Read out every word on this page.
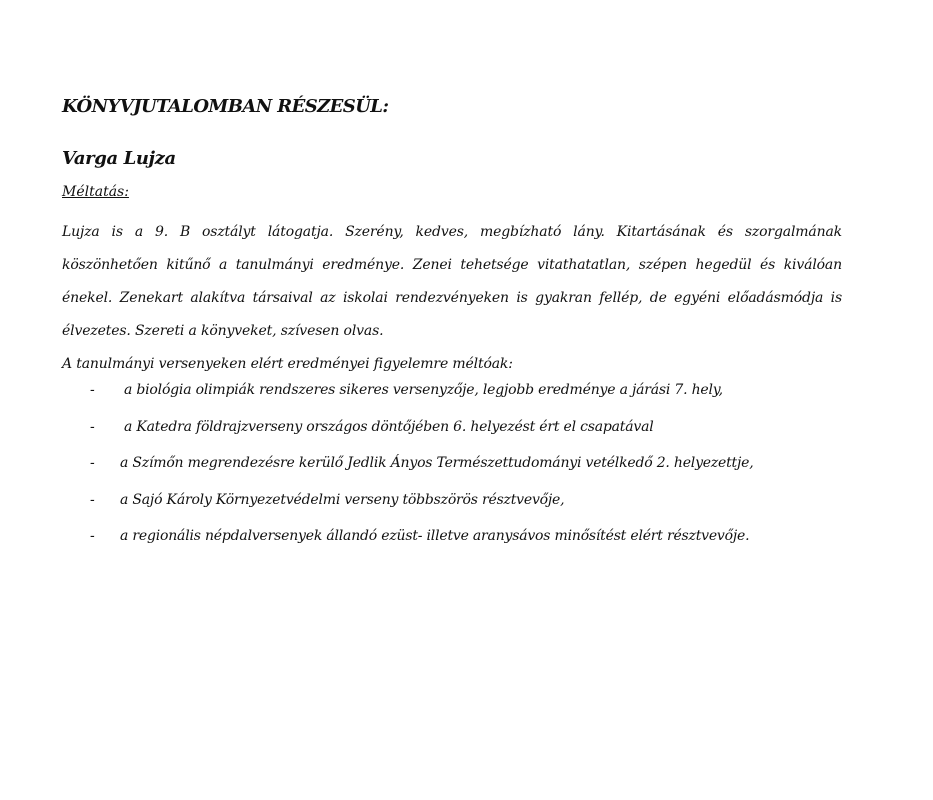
KÖNYVJUTALOMBAN RÉSZESÜL:

Varga Lujza

Méltatás:

Lujza is a 9. B osztályt látogatja. Szerény, kedves, megbízható lány. Kitartásának és szorgalmának köszönhetően kitűnő a tanulmányi eredménye. Zenei tehetsége vitathatatlan, szépen hegedül és kiválóan énekel. Zenekart alakítva társaival az iskolai rendezvényeken is gyakran fellép, de egyéni előadásmódja is élvezetes. Szereti a könyveket, szívesen olvas.

A tanulmányi versenyeken elért eredményei figyelemre méltóak:

- a biológia olimpiák rendszeres sikeres versenyzője, legjobb eredménye a járási 7. hely,
- a Katedra földrajzverseny országos döntőjében 6. helyezést ért el csapatával
- a Szímőn megrendezésre kerülő Jedlik Ányos Természettudományi vetélkedő 2. helyezettje,
- a Sajó Károly Környezetvédelmi verseny többszörös résztvevője,
- a regionális népdalversenyek állandó ezüst- illetve aranysávos minősítést elért résztvevője.
